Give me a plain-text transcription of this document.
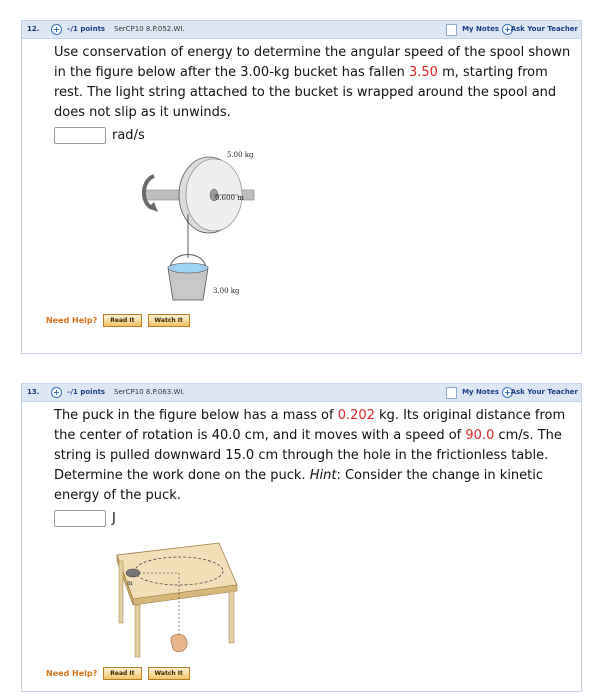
12. +	–/1 points SerCP10 8.P.052.WI.	My Notes + Ask Your Teacher
Use conservation of energy to determine the angular speed of the spool shown in the figure below after the 3.00-kg bucket has fallen 3.50 m, starting from rest. The light string attached to the bucket is wrapped around the spool and does not slip as it unwinds.
rad/s
5.00 kg
0.600 m
3.00 kg
Need Help?	Read It	Watch It
13. +	–/1 points SerCP10 8.P.063.WI.	My Notes + Ask Your Teacher
The puck in the figure below has a mass of 0.202 kg. Its original distance from the center of rotation is 40.0 cm, and it moves with a speed of 90.0 cm/s. The string is pulled downward 15.0 cm through the hole in the frictionless table. Determine the work done on the puck. Hint: Consider the change in kinetic energy of the puck.
J
m
Need Help?	Read It	Watch It
